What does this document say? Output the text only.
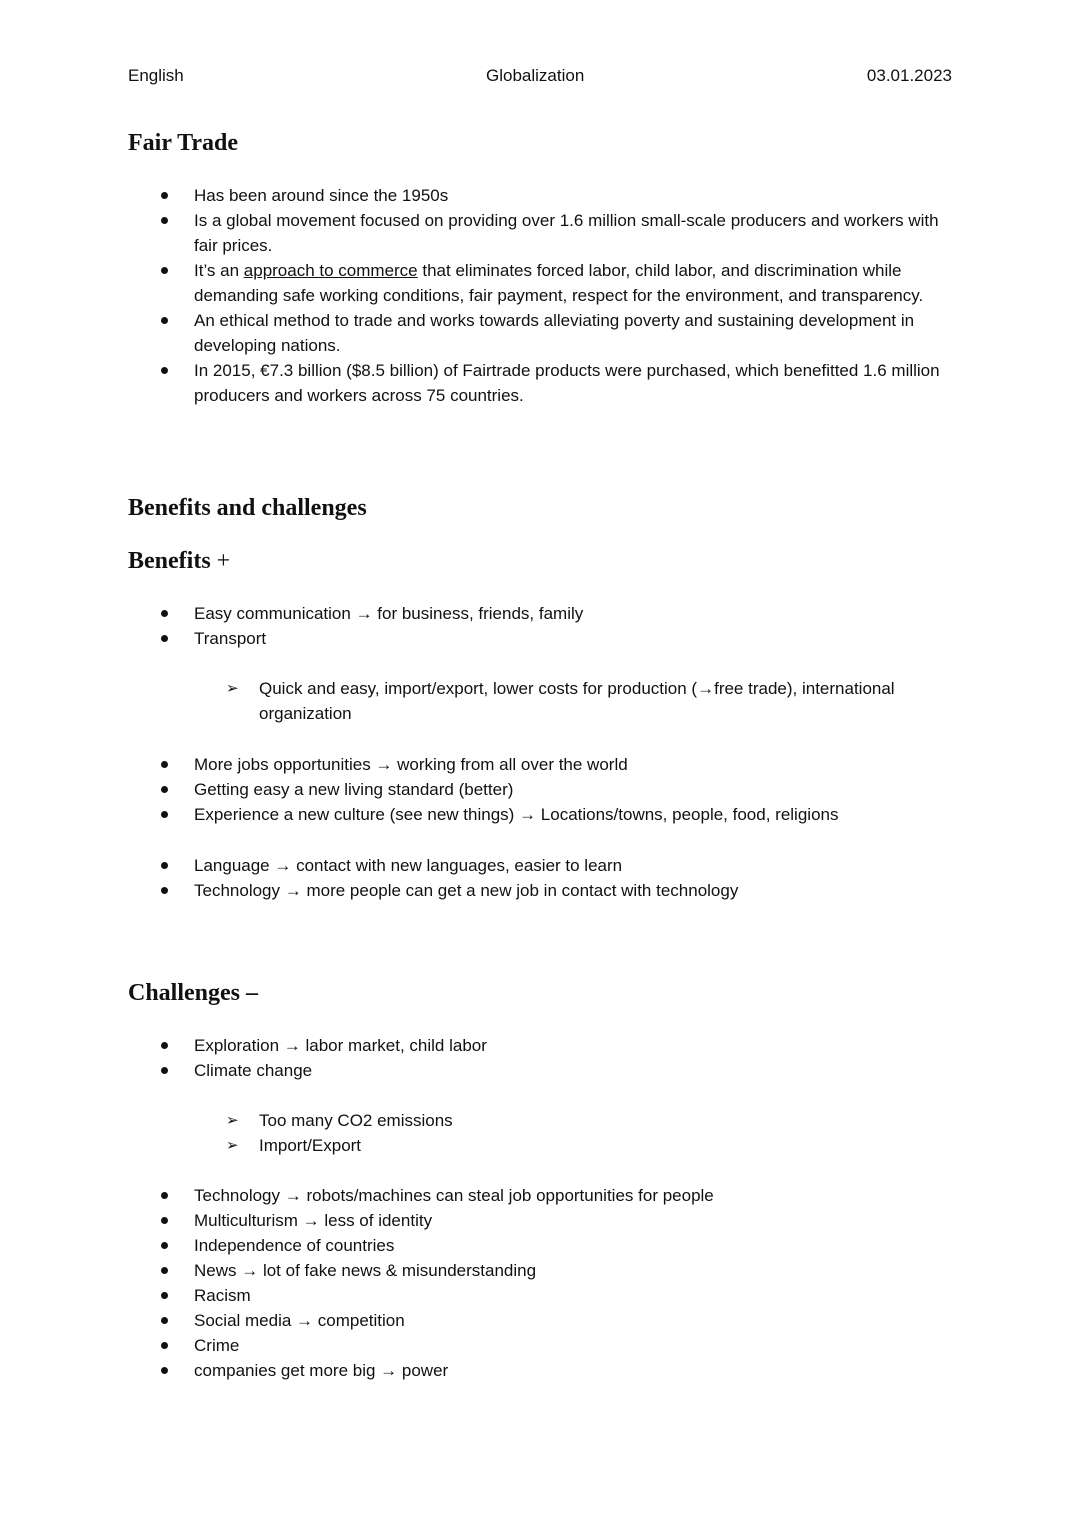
English	Globalization	03.01.2023
Fair Trade
Has been around since the 1950s
Is a global movement focused on providing over 1.6 million small-scale producers and workers with fair prices.
It’s an approach to commerce that eliminates forced labor, child labor, and discrimination while demanding safe working conditions, fair payment, respect for the environment, and transparency.
An ethical method to trade and works towards alleviating poverty and sustaining development in developing nations.
In 2015, €7.3 billion ($8.5 billion) of Fairtrade products were purchased, which benefitted 1.6 million producers and workers across 75 countries.
Benefits and challenges
Benefits +
Easy communication → for business, friends, family
Transport
➢ Quick and easy, import/export, lower costs for production (→free trade), international organization
More jobs opportunities → working from all over the world
Getting easy a new living standard (better)
Experience a new culture (see new things) → Locations/towns, people, food, religions
Language → contact with new languages, easier to learn
Technology → more people can get a new job in contact with technology
Challenges –
Exploration → labor market, child labor
Climate change
➢ Too many CO2 emissions
➢ Import/Export
Technology → robots/machines can steal job opportunities for people
Multiculturism → less of identity
Independence of countries
News → lot of fake news & misunderstanding
Racism
Social media → competition
Crime
companies get more big → power
